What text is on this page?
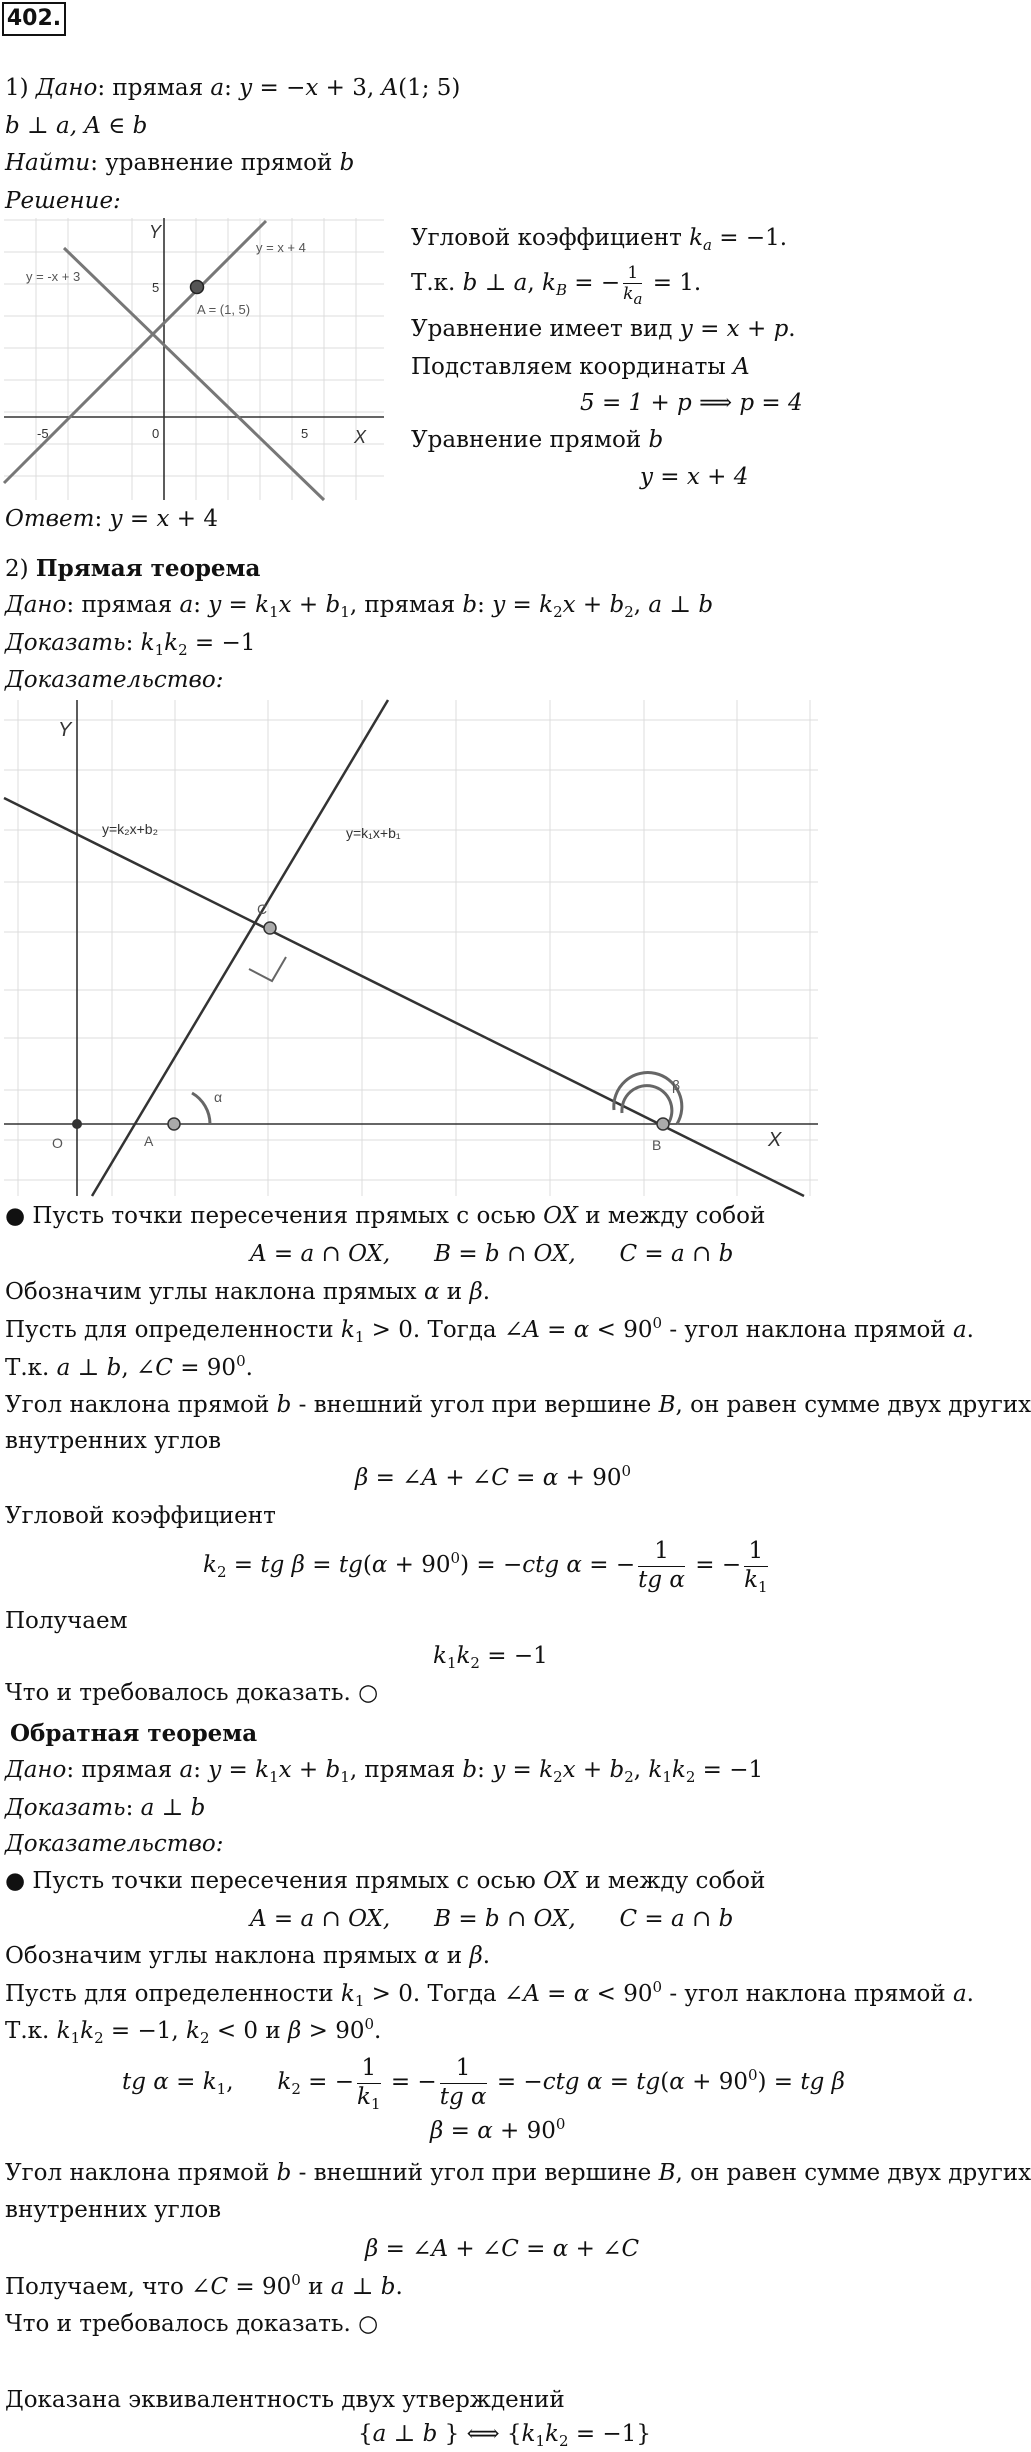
402.
1) Дано: прямая a: y = −x + 3, A(1; 5)
b ⊥ a, A ∈ b
Найти: уравнение прямой b
Решение:
Y
X
y = -x + 3
y = x + 4
A = (1, 5)
-5	0	5
5
Угловой коэффициент $k_a = -1$.
Т.к. b ⊥ a, $k_B$ = − $\frac{1}{k_a} = 1$.
Уравнение имеет вид y = x + p.
Подставляем координаты A
5 = 1 + p ⟹ p = 4
Уравнение прямой b
y = x + 4
Ответ: y = x + 4
2) Прямая теорема
Дано: прямая a: $y = k_1x + b_1$, прямая b: $y = k_2x + b_2$, a ⊥ b
Доказать: $k_1k_2 = -1$
Доказательство:
Y
X
y=k₁x+b₁
y=k₂x+b₂
O	A	B
C
α
β
● Пусть точки пересечения прямых с осью OX и между собой
A = a ∩ OX,      B = b ∩ OX,      C = a ∩ b
Обозначим углы наклона прямых α и β.
Пусть для определенности $k_1 > 0$. Тогда ∠A = $\alpha < 90^0$ - угол наклона прямой a.
Т.к. a ⊥ b, ∠C = $90^0$.
Угол наклона прямой b - внешний угол при вершине B, он равен сумме двух других
внутренних углов
β = ∠A + ∠C = $\alpha + 90^0$
Угловой коэффициент
$k_2$ = tg $\beta = tg(\alpha + 90^0) = -ctg$ α = − $\frac{1}{\text{tg α}}$ = − $\frac{1}{k_1}$
Получаем
$k_1k_2 = -1$
Что и требовалось доказать. ○
Обратная теорема
Дано: прямая a: $y = k_1x + b_1$, прямая b: $y = k_2x + b_2$, $k_1k_2 = -1$
Доказать: a ⊥ b
Доказательство:
● Пусть точки пересечения прямых с осью OX и между собой
A = a ∩ OX,      B = b ∩ OX,      C = a ∩ b
Обозначим углы наклона прямых α и β.
Пусть для определенности $k_1 > 0$. Тогда ∠A = $\alpha < 90^0$ - угол наклона прямой a.
Т.к. $k_1k_2 = -1$, $k_2 < 0$ и $\beta > 90^0$.
tg $\alpha = k_1$,      $k_2$ = − $\frac{1}{k_1}$ = − $\frac{1}{\text{tg α}} = -ctg$ $\alpha = tg(\alpha + 90^0)$ = tg β
$\beta = \alpha + 90^0$
Угол наклона прямой b - внешний угол при вершине B, он равен сумме двух других
внутренних углов
β = ∠A + ∠C = α + ∠C
Получаем, что ∠C = $90^0$ и a ⊥ b.
Что и требовалось доказать. ○
Доказана эквивалентность двух утверждений
{a ⊥ b } ⟺ $\{k_1k_2 = -1\}$
